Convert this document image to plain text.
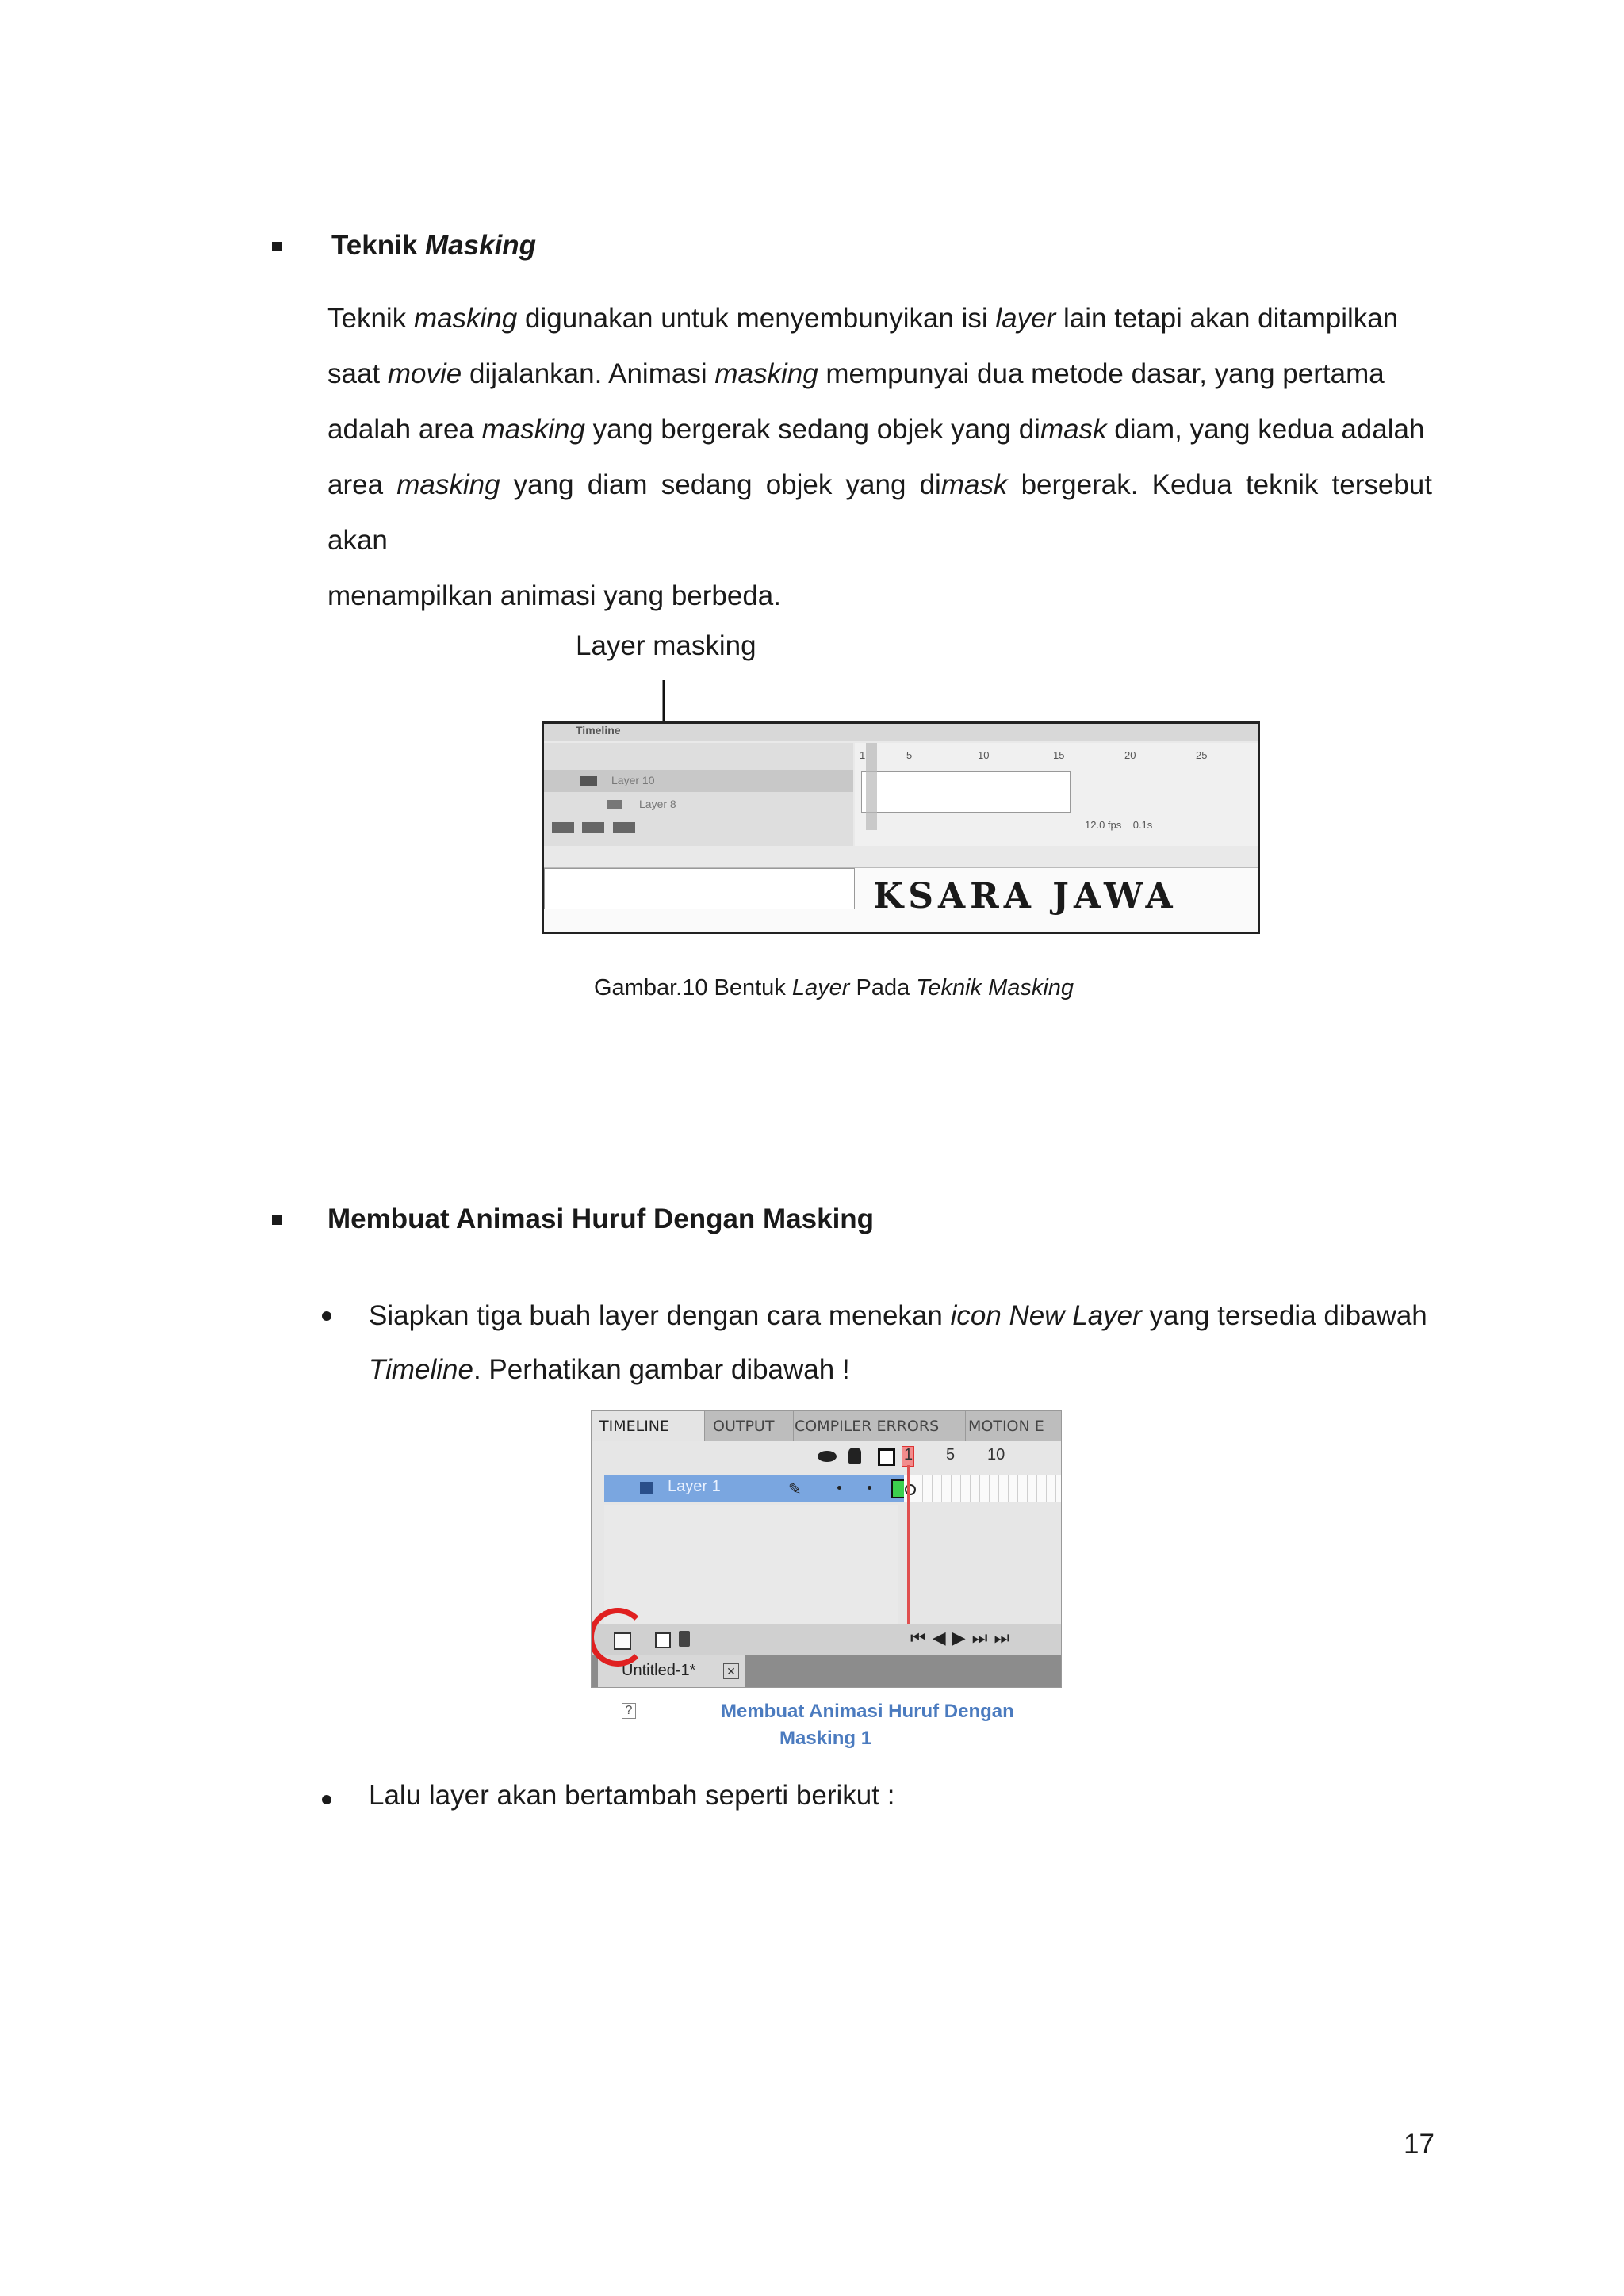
Teknik Masking

Teknik masking digunakan untuk menyembunyikan isi layer lain tetapi akan ditampilkan

saat movie dijalankan. Animasi masking mempunyai dua metode dasar, yang pertama

adalah area masking yang bergerak sedang objek yang dimask diam, yang kedua adalah

area masking yang diam sedang objek yang dimask bergerak. Kedua teknik tersebut akan

menampilkan animasi yang berbeda.

Layer masking
Timeline
Layer 10
Layer 8

1	5	10	15	20	25
12.0 fps 0.1s
KSARA JAWA
Gambar.10 Bentuk Layer Pada Teknik Masking
Membuat Animasi Huruf Dengan Masking

Siapkan tiga buah layer dengan cara menekan icon New Layer yang tersedia dibawah

Timeline. Perhatikan gambar dibawah !

TIMELINE	OUTPUT	COMPILER ERRORS	MOTION E
1 5 10
Layer 1	✎
⏮◀▶⏭⏭
Untitled-1*	✕
?	Membuat Animasi Huruf Dengan
Masking 1
Lalu layer akan bertambah seperti berikut :
17
